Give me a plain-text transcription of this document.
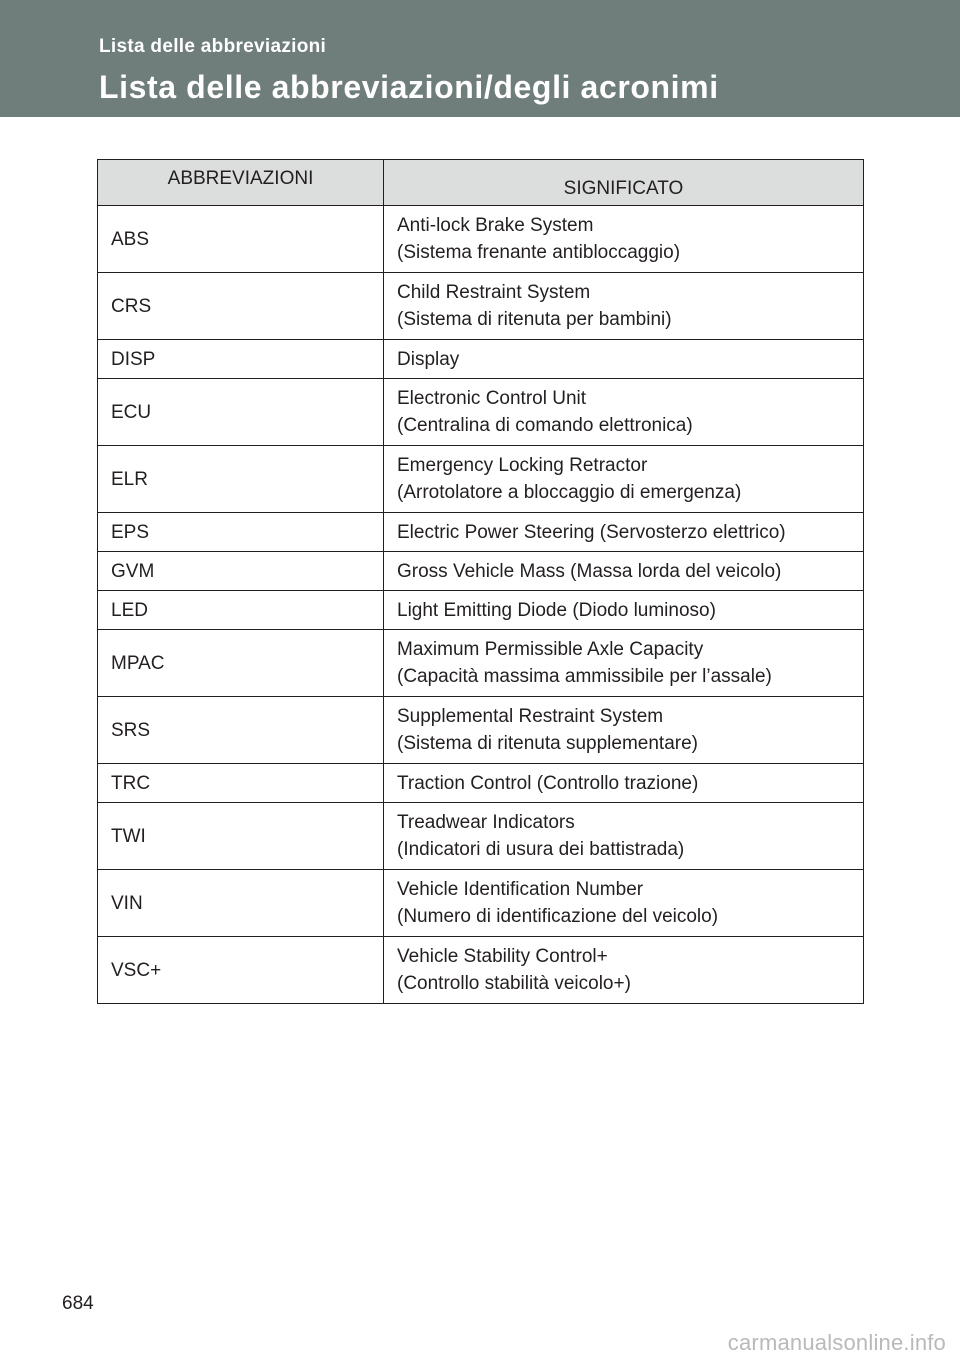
Lista delle abbreviazioni
Lista delle abbreviazioni/degli acronimi
ABBREVIAZIONI	SIGNIFICATO
ABS	Anti-lock Brake System
(Sistema frenante antibloccaggio)

CRS	Child Restraint System
(Sistema di ritenuta per bambini)

DISP	Display

ECU	Electronic Control Unit
(Centralina di comando elettronica)

ELR	Emergency Locking Retractor
(Arrotolatore a bloccaggio di emergenza)

EPS	Electric Power Steering (Servosterzo elettrico)

GVM	Gross Vehicle Mass (Massa lorda del veicolo)

LED	Light Emitting Diode (Diodo luminoso)

MPAC	Maximum Permissible Axle Capacity
(Capacità massima ammissibile per l’assale)

SRS	Supplemental Restraint System
(Sistema di ritenuta supplementare)

TRC	Traction Control (Controllo trazione)

TWI	Treadwear Indicators
(Indicatori di usura dei battistrada)

VIN	Vehicle Identification Number
(Numero di identificazione del veicolo)

VSC+	Vehicle Stability Control+
(Controllo stabilità veicolo+)
684
carmanualsonline.info
